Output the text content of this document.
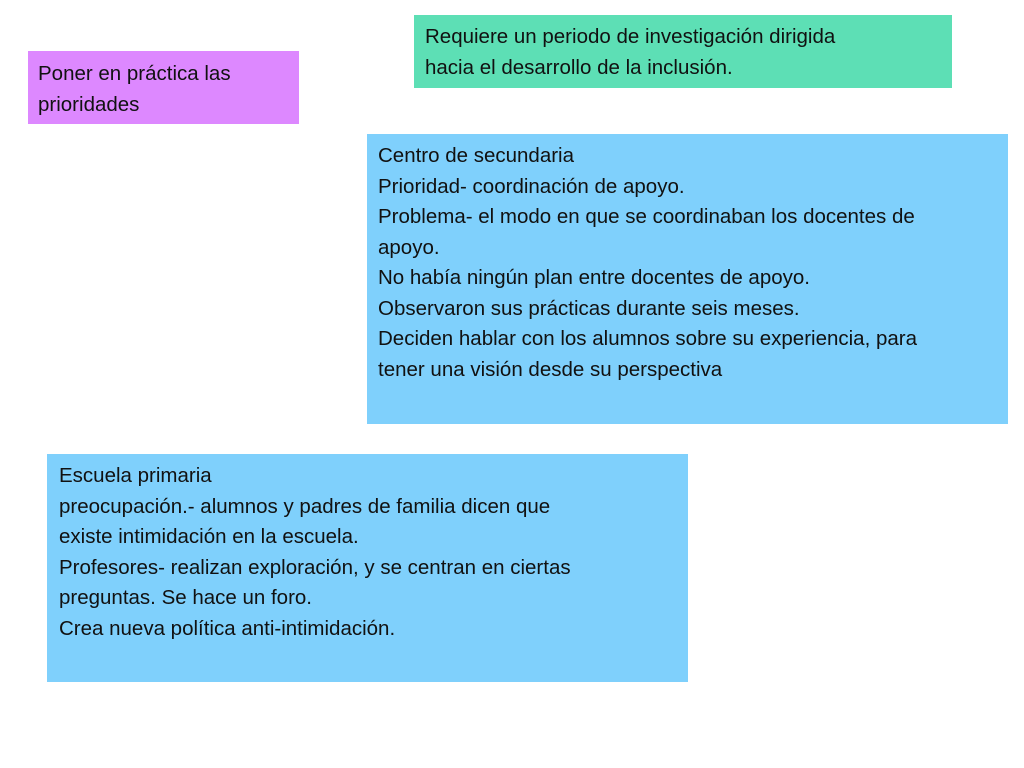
Poner en práctica las
prioridades
Requiere un periodo de investigación dirigida
hacia el desarrollo de la inclusión.
Centro de secundaria
Prioridad- coordinación de apoyo.
Problema- el modo en que se coordinaban los docentes de
apoyo.
No había ningún plan entre docentes de apoyo.
Observaron sus prácticas durante seis meses.
Deciden hablar con los alumnos sobre su experiencia, para
tener una visión desde su perspectiva
Escuela primaria
preocupación.- alumnos y padres de familia dicen que
existe intimidación en la escuela.
Profesores- realizan exploración, y se centran en ciertas
preguntas. Se hace un foro.
Crea nueva política anti-intimidación.
